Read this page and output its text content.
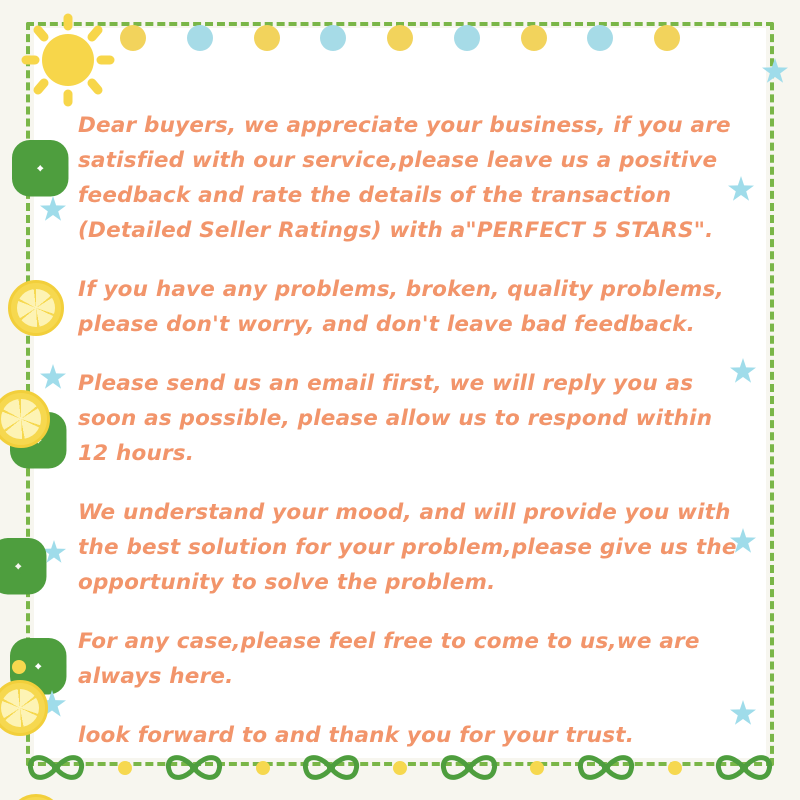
Dear buyers, we appreciate your business, if you are satisfied with our service,please leave us a positive feedback and rate the details of the transaction (Detailed Seller Ratings) with a"PERFECT 5 STARS".

If you have any problems, broken, quality problems, please don't worry, and don't leave bad feedback.

Please send us an email first, we will reply you as soon as possible, please allow us to respond within 12 hours.

We understand your mood, and will provide you with the best solution for your problem,please give us the opportunity to solve the problem.

For any case,please feel free to come to us,we are always here.

look forward to and thank you for your trust.
